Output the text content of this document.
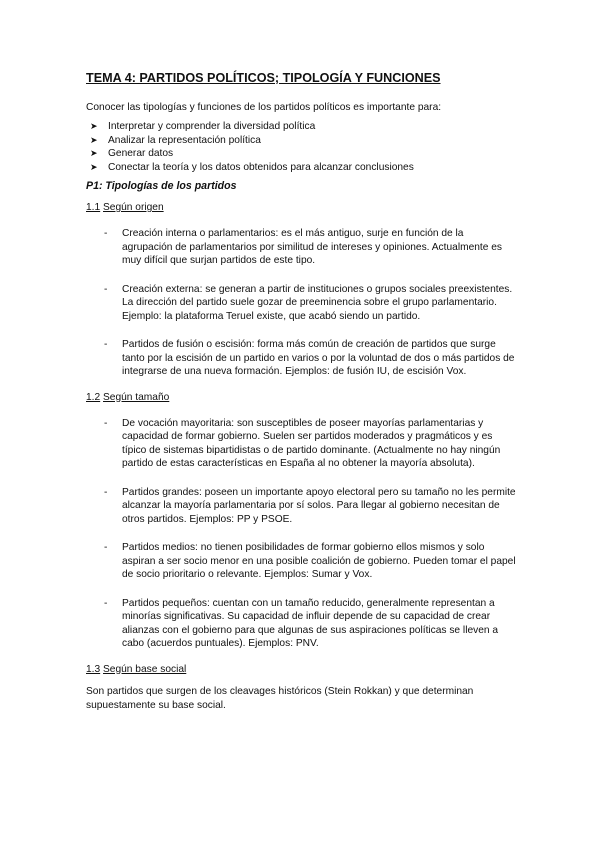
TEMA 4: PARTIDOS POLÍTICOS; TIPOLOGÍA Y FUNCIONES
Conocer las tipologías y funciones de los partidos políticos es importante para:
➤	Interpretar y comprender la diversidad política
➤	Analizar la representación política
➤	Generar datos
➤	Conectar la teoría y los datos obtenidos para alcanzar conclusiones
P1: Tipologías de los partidos
1.1 Según origen
-	Creación interna o parlamentarios: es el más antiguo, surje en función de la agrupación de parlamentarios por similitud de intereses y opiniones. Actualmente es muy difícil que surjan partidos de este tipo.
-	Creación externa: se generan a partir de instituciones o grupos sociales preexistentes. La dirección del partido suele gozar de preeminencia sobre el grupo parlamentario. Ejemplo: la plataforma Teruel existe, que acabó siendo un partido.
-	Partidos de fusión o escisión: forma más común de creación de partidos que surge tanto por la escisión de un partido en varios o por la voluntad de dos o más partidos de integrarse de una nueva formación. Ejemplos: de fusión IU, de escisión Vox.
1.2 Según tamaño
-	De vocación mayoritaria: son susceptibles de poseer mayorías parlamentarias y capacidad de formar gobierno. Suelen ser partidos moderados y pragmáticos y es típico de sistemas bipartidistas o de partido dominante. (Actualmente no hay ningún partido de estas características en España al no obtener la mayoría absoluta).
-	Partidos grandes: poseen un importante apoyo electoral pero su tamaño no les permite alcanzar la mayoría parlamentaria por sí solos. Para llegar al gobierno necesitan de otros partidos. Ejemplos: PP y PSOE.
-	Partidos medios: no tienen posibilidades de formar gobierno ellos mismos y solo aspiran a ser socio menor en una posible coalición de gobierno. Pueden tomar el papel de socio prioritario o relevante. Ejemplos: Sumar y Vox.
-	Partidos pequeños: cuentan con un tamaño reducido, generalmente representan a minorías significativas. Su capacidad de influir depende de su capacidad de crear alianzas con el gobierno para que algunas de sus aspiraciones políticas se lleven a cabo (acuerdos puntuales). Ejemplos: PNV.
1.3 Según base social

Son partidos que surgen de los cleavages históricos (Stein Rokkan) y que determinan supuestamente su base social.
